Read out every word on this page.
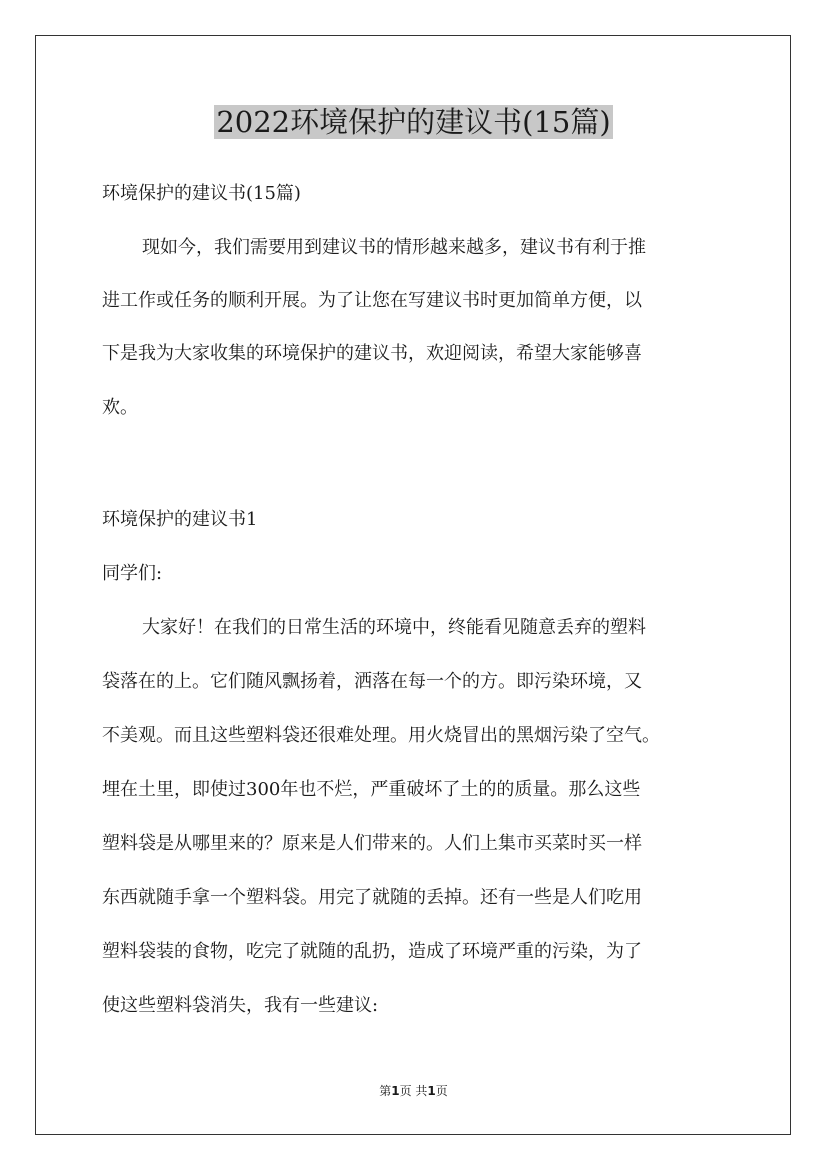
2022环境保护的建议书(15篇)

环境保护的建议书(15篇)

现如今，我们需要用到建议书的情形越来越多，建议书有利于推

进工作或任务的顺利开展。为了让您在写建议书时更加简单方便，以

下是我为大家收集的环境保护的建议书，欢迎阅读，希望大家能够喜

欢。

环境保护的建议书1

同学们:

大家好！在我们的日常生活的环境中，终能看见随意丢弃的塑料

袋落在的上。它们随风飘扬着，洒落在每一个的方。即污染环境，又

不美观。而且这些塑料袋还很难处理。用火烧冒出的黑烟污染了空气。

埋在土里，即使过300年也不烂，严重破坏了土的的质量。那么这些

塑料袋是从哪里来的？原来是人们带来的。人们上集市买菜时买一样

东西就随手拿一个塑料袋。用完了就随的丢掉。还有一些是人们吃用

塑料袋装的食物，吃完了就随的乱扔，造成了环境严重的污染，为了

使这些塑料袋消失，我有一些建议:

第1页 共1页
